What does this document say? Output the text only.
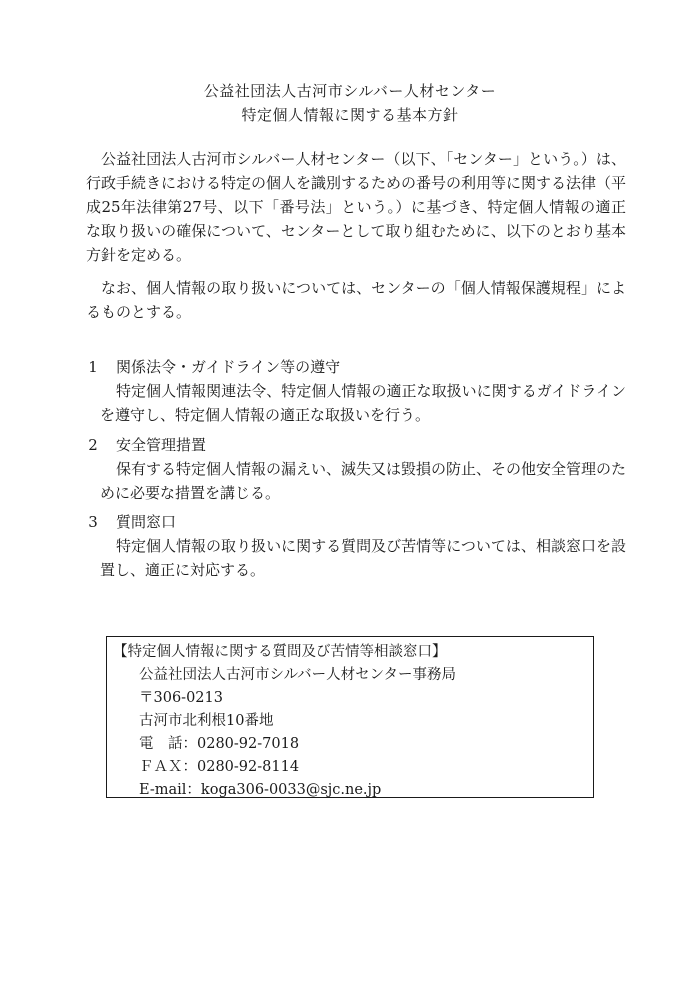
公益社団法人古河市シルバー人材センター
特定個人情報に関する基本方針

公益社団法人古河市シルバー人材センター（以下、「センター」という。）は、行政手続きにおける特定の個人を識別するための番号の利用等に関する法律（平成25年法律第27号、以下「番号法」という。）に基づき、特定個人情報の適正な取り扱いの確保について、センターとして取り組むために、以下のとおり基本方針を定める。

なお、個人情報の取り扱いについては、センターの「個人情報保護規程」によるものとする。

1 関係法令・ガイドライン等の遵守
特定個人情報関連法令、特定個人情報の適正な取扱いに関するガイドラインを遵守し、特定個人情報の適正な取扱いを行う。
2 安全管理措置
保有する特定個人情報の漏えい、滅失又は毀損の防止、その他安全管理のために必要な措置を講じる。
3 質問窓口
特定個人情報の取り扱いに関する質問及び苦情等については、相談窓口を設置し、適正に対応する。
【特定個人情報に関する質問及び苦情等相談窓口】
公益社団法人古河市シルバー人材センター事務局
〒306-0213
古河市北利根10番地
電　話：0280-92-7018
ＦＡＸ：0280-92-8114
E-mail：koga306-0033@sjc.ne.jp
